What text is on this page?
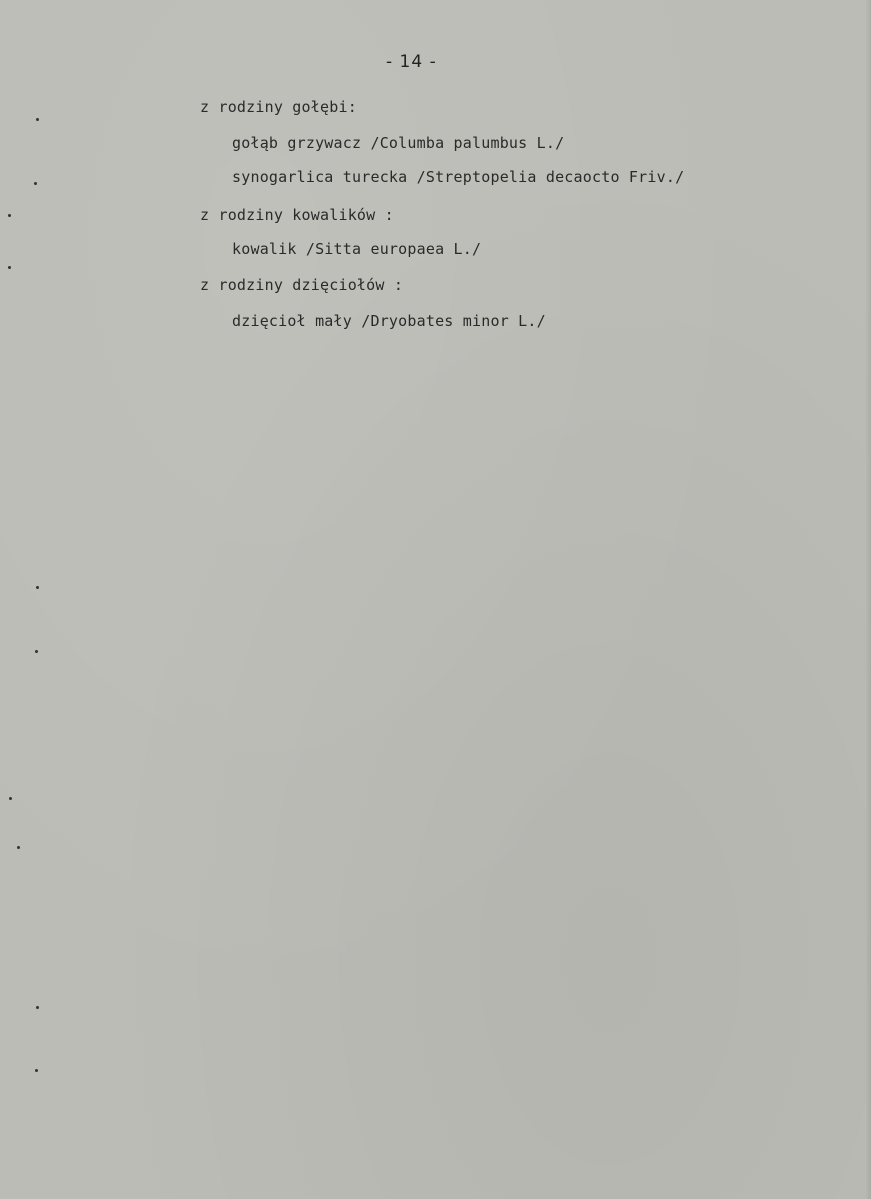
- 14 -
z rodziny gołębi:
gołąb grzywacz /Columba palumbus L./
synogarlica turecka /Streptopelia decaocto Friv./
z rodziny kowalików :
kowalik /Sitta europaea L./
z rodziny dzięciołów :
dzięcioł mały /Dryobates minor L./
